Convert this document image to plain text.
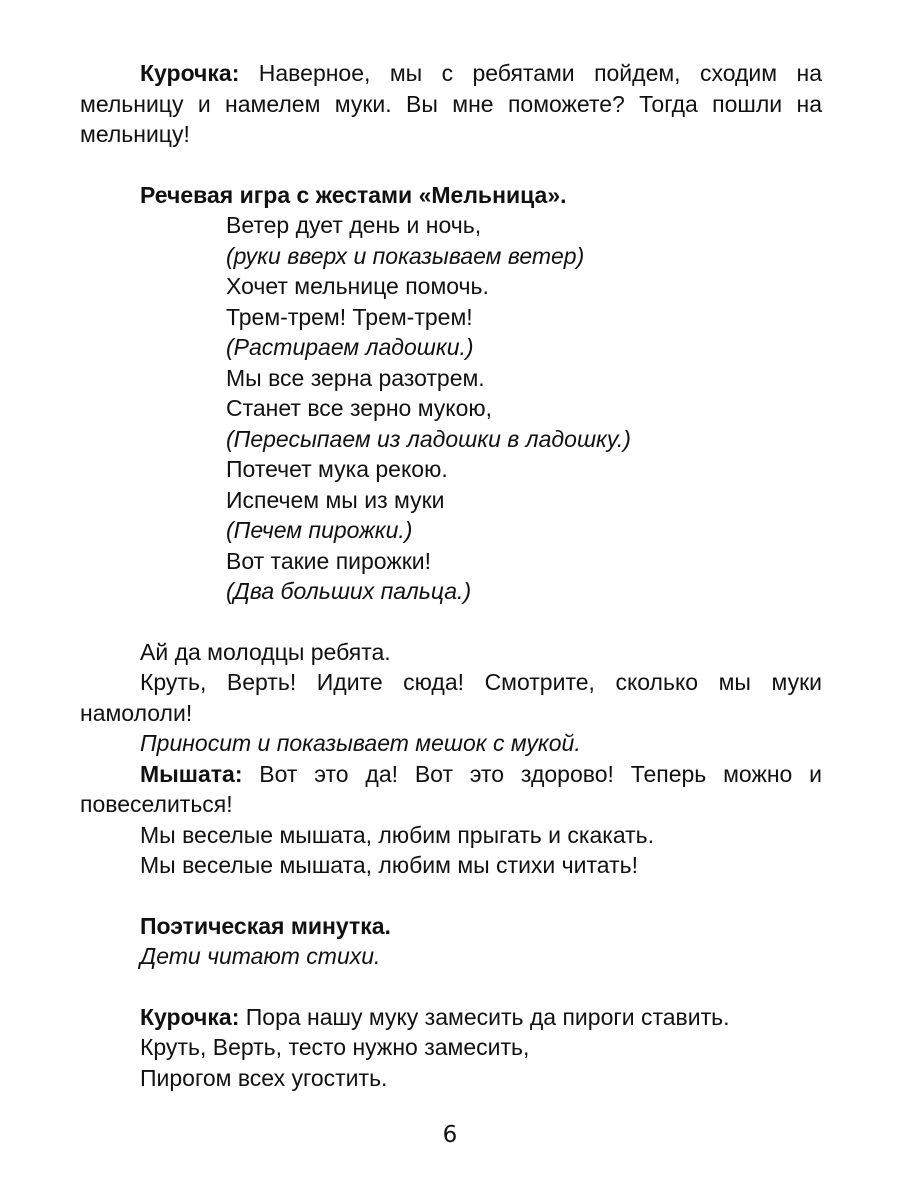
Курочка: Наверное, мы с ребятами пойдем, сходим на мельницу и намелем муки. Вы мне поможете? Тогда пошли на мельницу!

Речевая игра с жестами «Мельница».

Ветер дует день и ночь,
(руки вверх и показываем ветер)
Хочет мельнице помочь.
Трем-трем! Трем-трем!
(Растираем ладошки.)
Мы все зерна разотрем.
Станет все зерно мукою,
(Пересыпаем из ладошки в ладошку.)
Потечет мука рекою.
Испечем мы из муки
(Печем пирожки.)
Вот такие пирожки!
(Два больших пальца.)

Ай да молодцы ребята.

Круть, Верть! Идите сюда! Смотрите, сколько мы муки намололи!

Приносит и показывает мешок с мукой.

Мышата: Вот это да! Вот это здорово! Теперь можно и повеселиться!

Мы веселые мышата, любим прыгать и скакать.

Мы веселые мышата, любим мы стихи читать!

Поэтическая минутка.

Дети читают стихи.

Курочка: Пора нашу муку замесить да пироги ставить.

Круть, Верть, тесто нужно замесить,

Пирогом всех угостить.

6
